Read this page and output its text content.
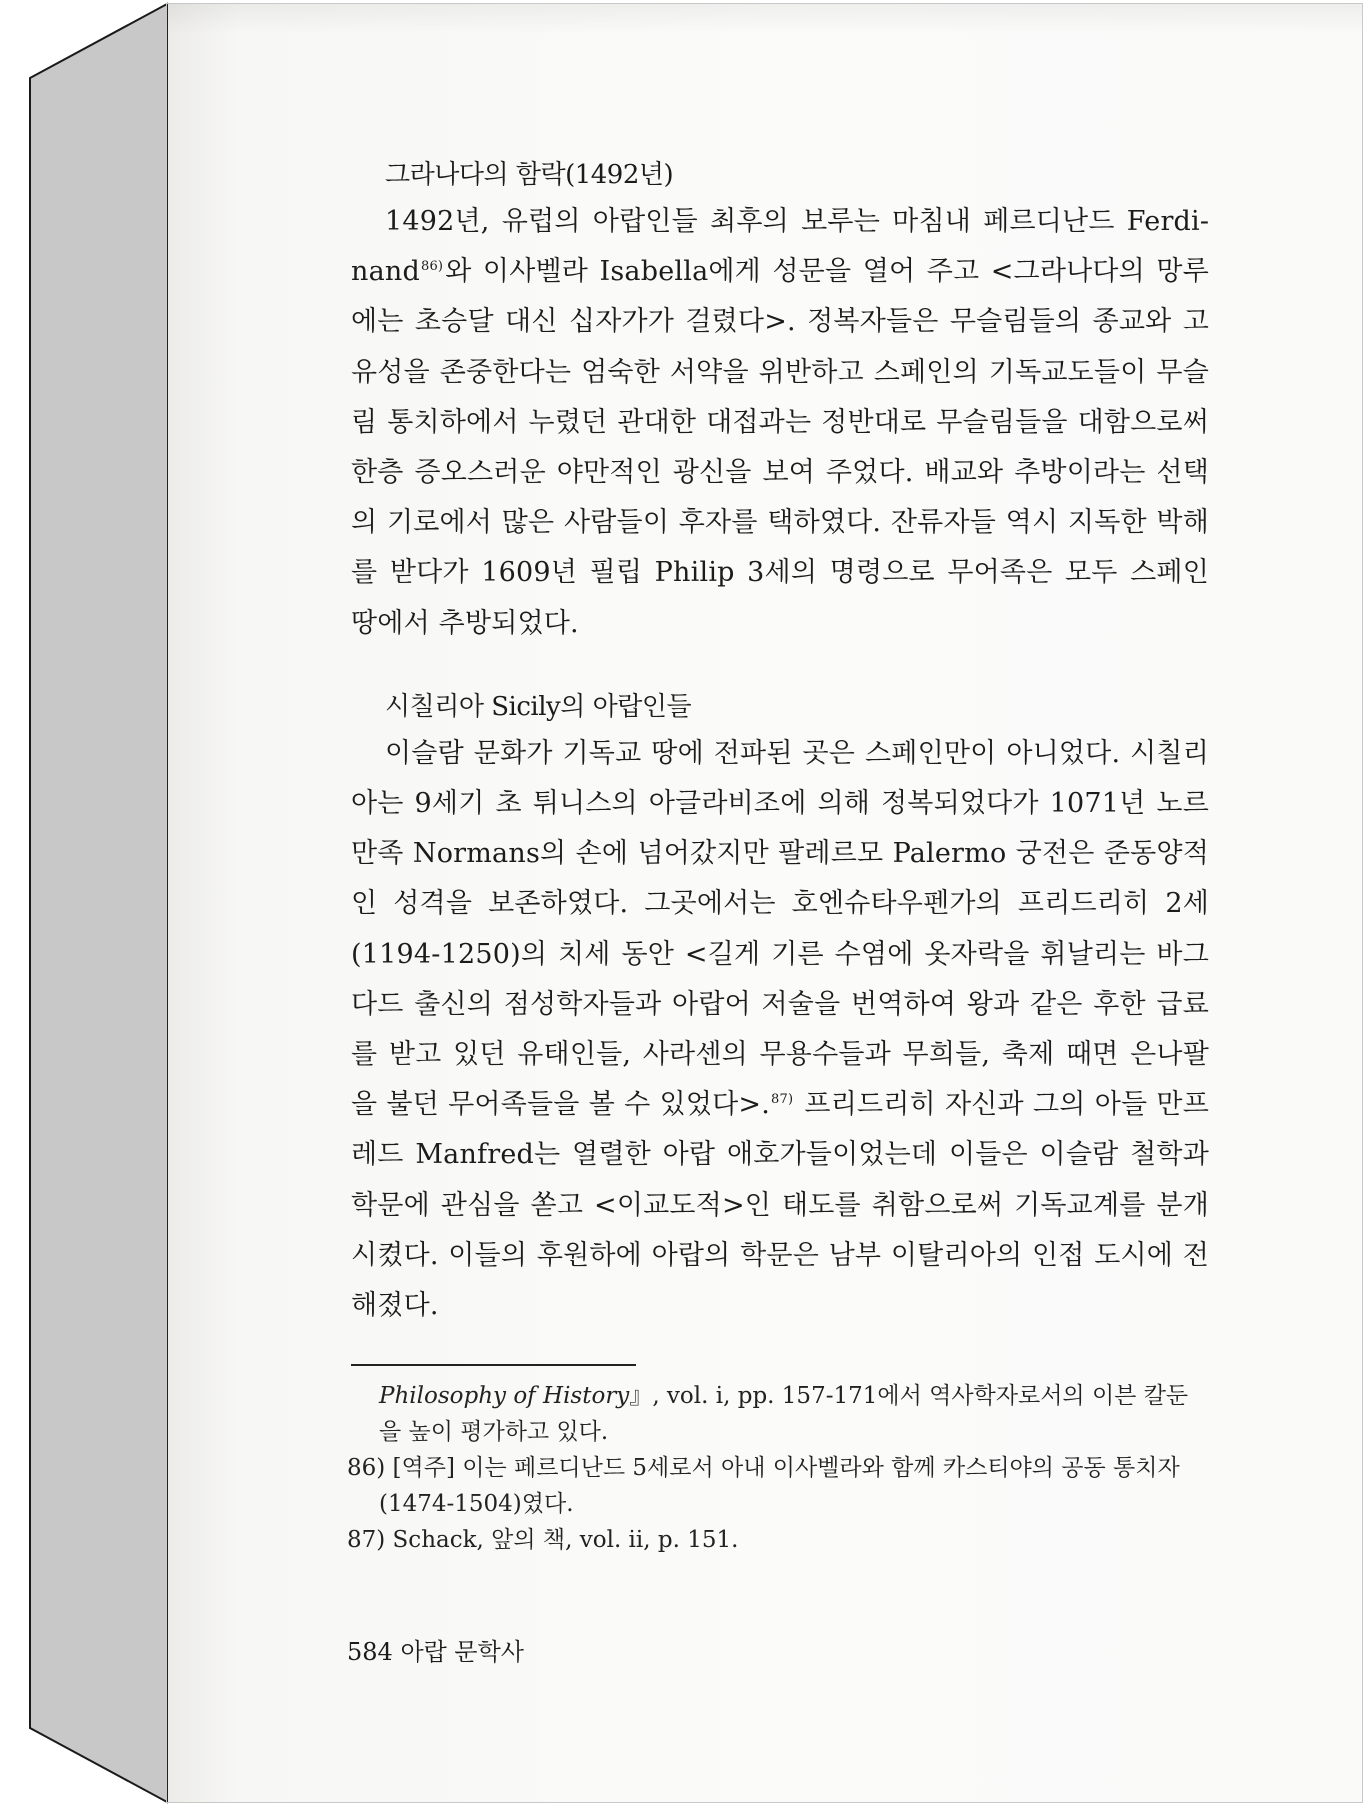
그라나다의 함락(1492년)

1492년, 유럽의 아랍인들 최후의 보루는 마침내 페르디난드 Ferdinand$^{86)}$와 이사벨라 Isabella에게 성문을 열어 주고 <그라나다의 망루에는 초승달 대신 십자가가 걸렸다>. 정복자들은 무슬림들의 종교와 고유성을 존중한다는 엄숙한 서약을 위반하고 스페인의 기독교도들이 무슬림 통치하에서 누렸던 관대한 대접과는 정반대로 무슬림들을 대함으로써 한층 증오스러운 야만적인 광신을 보여 주었다. 배교와 추방이라는 선택의 기로에서 많은 사람들이 후자를 택하였다. 잔류자들 역시 지독한 박해를 받다가 1609년 필립 Philip 3세의 명령으로 무어족은 모두 스페인 땅에서 추방되었다.

시칠리아 Sicily의 아랍인들

이슬람 문화가 기독교 땅에 전파된 곳은 스페인만이 아니었다. 시칠리아는 9세기 초 튀니스의 아글라비조에 의해 정복되었다가 1071년 노르만족 Normans의 손에 넘어갔지만 팔레르모 Palermo 궁전은 준동양적인 성격을 보존하였다. 그곳에서는 호엔슈타우펜가의 프리드리히 2세(1194-1250)의 치세 동안 <길게 기른 수염에 옷자락을 휘날리는 바그다드 출신의 점성학자들과 아랍어 저술을 번역하여 왕과 같은 후한 급료를 받고 있던 유태인들, 사라센의 무용수들과 무희들, 축제 때면 은나팔을 불던 무어족들을 볼 수 있었다>.$^{87)}$ 프리드리히 자신과 그의 아들 만프레드 Manfred는 열렬한 아랍 애호가들이었는데 이들은 이슬람 철학과 학문에 관심을 쏟고 <이교도적>인 태도를 취함으로써 기독교계를 분개시켰다. 이들의 후원하에 아랍의 학문은 남부 이탈리아의 인접 도시에 전해졌다.

Philosophy of History』, vol. i, pp. 157-171에서 역사학자로서의 이븐 칼둔을 높이 평가하고 있다.

86) [역주] 이는 페르디난드 5세로서 아내 이사벨라와 함께 카스티야의 공동 통치자(1474-1504)였다.

87) Schack, 앞의 책, vol. ii, p. 151.

584 아랍 문학사
